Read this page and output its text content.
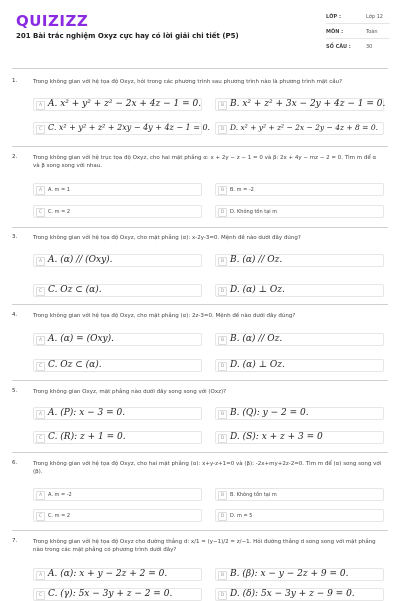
QUIZIZZ
201 Bài trắc nghiệm Oxyz cực hay có lời giải chi tiết (P5)
LỚP :	Lớp 12
MÔN :	Toán
SỐ CÂU :	30
1.	Trong không gian với hệ tọa độ Oxyz, hỏi trong các phương trình sau phương trình nào là phương trình mặt cầu?
A A. x² + y² + z² − 2x + 4z − 1 = 0.	B B. x² + z² + 3x − 2y + 4z − 1 = 0.
C C. x² + y² + z² + 2xy − 4y + 4z − 1 = 0.	D D. x² + y² + z² − 2x − 2y − 4z + 8 = 0.
2.	Trong không gian với hệ trục tọa độ Oxyz, cho hai mặt phẳng α: x + 2y − z − 1 = 0 và β: 2x + 4y − mz − 2 = 0. Tìm m để α và β song song với nhau.
A	A. m = 1	B	B. m = -2
C	C. m = 2	D	D. Không tồn tại m
3.	Trong không gian với hệ tọa độ Oxyz, cho mặt phẳng (α): x-2y-3=0. Mệnh đề nào dưới đây đúng?
A A. (α) // (Oxy).	B B. (α) // Oz.
C C. Oz ⊂ (α).	D D. (α) ⊥ Oz.
4.	Trong không gian với hệ tọa độ Oxyz, cho mặt phẳng (α): 2z-3=0. Mệnh đề nào dưới đây đúng?
A A. (α) = (Oxy).	B B. (α) // Oz.
C C. Oz ⊂ (α).	D D. (α) ⊥ Oz.
5.	Trong không gian Oxyz, mặt phẳng nào dưới đây song song với (Oxz)?
A A. (P): x − 3 = 0.	B B. (Q): y − 2 = 0.
C C. (R): z + 1 = 0.	D D. (S): x + z + 3 = 0
6.	Trong không gian với hệ tọa độ Oxyz, cho hai mặt phẳng (α): x+y-z+1=0 và (β): -2x+my+2z-2=0. Tìm m để (α) song song với (β).
A	A. m = -2	B	B. Không tồn tại m
C	C. m = 2	D	D. m = 5
7.	Trong không gian với hệ tọa độ Oxyz cho đường thẳng d: x/1 = (y−1)/2 = z/−1. Hỏi đường thẳng d song song với mặt phẳng nào trong các mặt phẳng có phương trình dưới đây?
A A. (α): x + y − 2z + 2 = 0.	B B. (β): x − y − 2z + 9 = 0.
C C. (γ): 5x − 3y + z − 2 = 0.	D D. (δ): 5x − 3y + z − 9 = 0.
